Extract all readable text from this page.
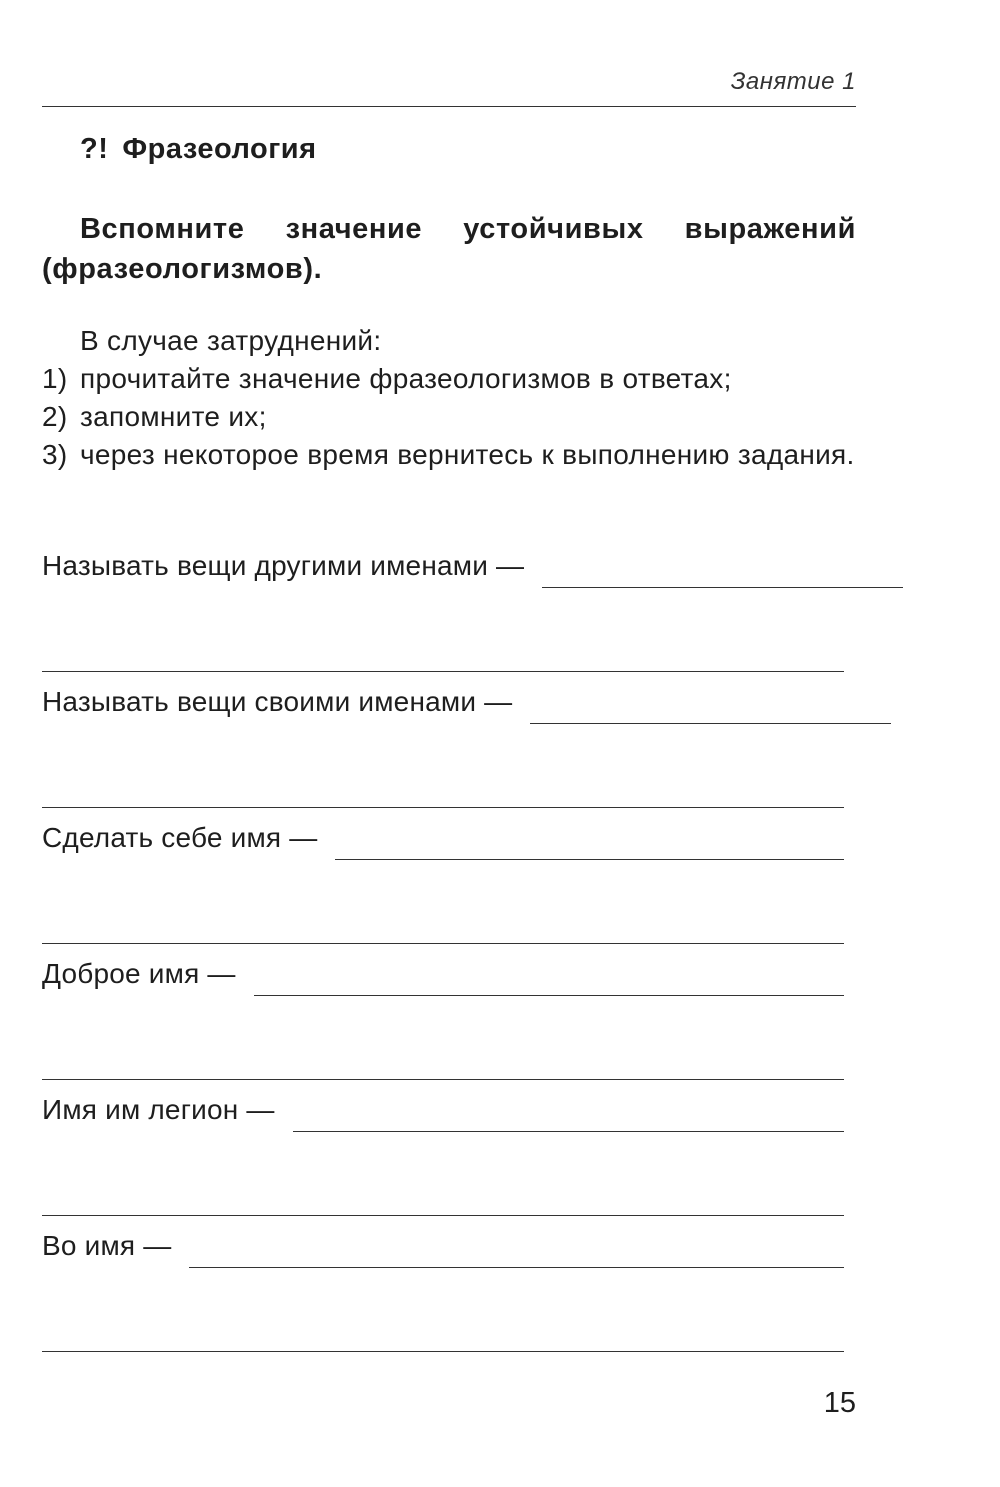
Занятие 1
?! Фразеология
Вспомните значение устойчивых выражений (фразеологизмов).
В случае затруднений:
1) прочитайте значение фразеологизмов в ответах;
2) запомните их;
3) через некоторое время вернитесь к выполнению задания.
Называть вещи другими именами —
Называть вещи своими именами —
Сделать себе имя —
Доброе имя —
Имя им легион —
Во имя —
15
